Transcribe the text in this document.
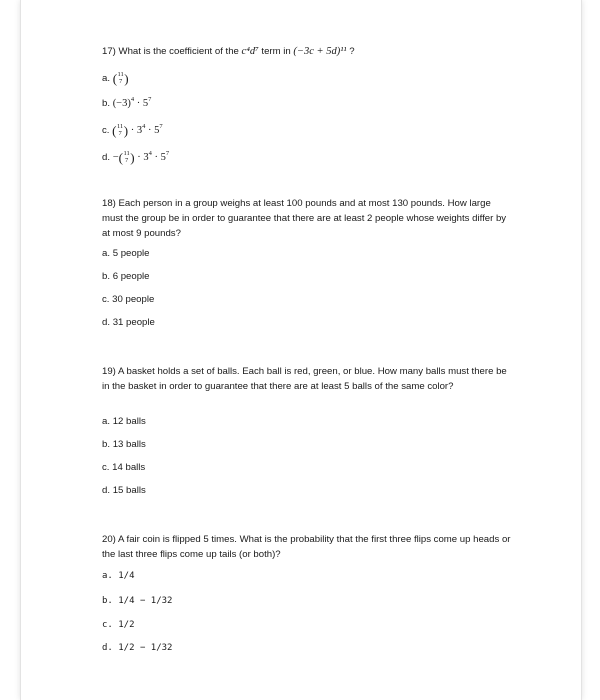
17) What is the coefficient of the c⁴d⁷ term in (−3c + 5d)¹¹ ?

a. ( 11
7 )

b. $(-3)^4 \cdot 5^7$

c. ( 11
7 ) · $3^4 \cdot 5^7$

d. − ( 11
7 ) · $3^4 \cdot 5^7$

18) Each person in a group weighs at least 100 pounds and at most 130 pounds. How large must the group be in order to guarantee that there are at least 2 people whose weights differ by at most 9 pounds?

a. 5 people

b. 6 people

c. 30 people

d. 31 people

19) A basket holds a set of balls. Each ball is red, green, or blue. How many balls must there be in the basket in order to guarantee that there are at least 5 balls of the same color?

a. 12 balls

b. 13 balls

c. 14 balls

d. 15 balls

20) A fair coin is flipped 5 times. What is the probability that the first three flips come up heads or the last three flips come up tails (or both)?

a. 1/4

b. 1/4 − 1/32

c. 1/2

d. 1/2 − 1/32
